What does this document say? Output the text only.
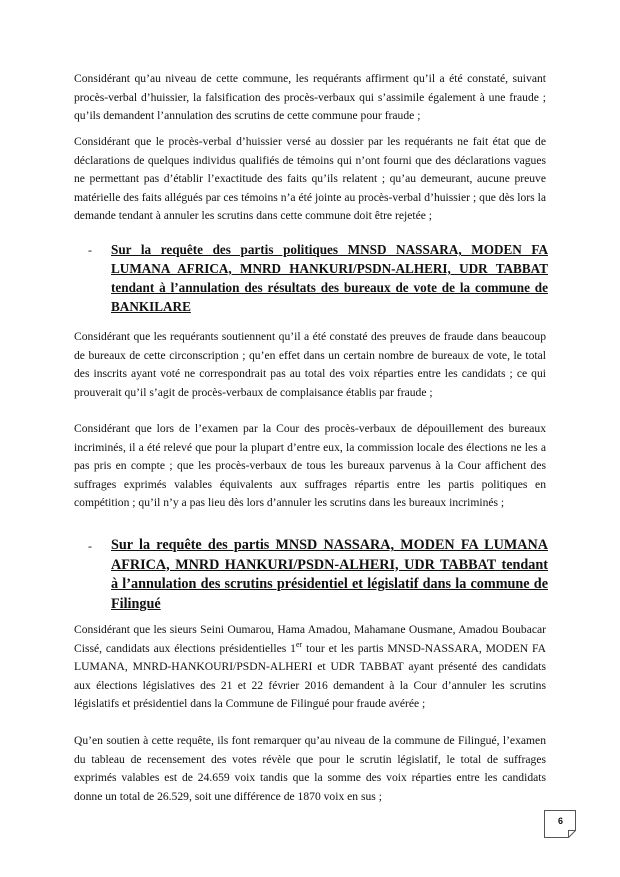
Considérant qu’au niveau de cette commune, les requérants affirment qu’il a été constaté, suivant procès-verbal d’huissier, la falsification des procès-verbaux qui s’assimile également à une fraude ; qu’ils demandent l’annulation des scrutins de cette commune pour fraude ;

Considérant que le procès-verbal d’huissier versé au dossier par les requérants ne fait état que de déclarations de quelques individus qualifiés de témoins qui n’ont fourni que des déclarations vagues ne permettant pas d’établir l’exactitude des faits qu’ils relatent ; qu’au demeurant, aucune preuve matérielle des faits allégués par ces témoins n’a été jointe au procès-verbal d’huissier ; que dès lors la demande tendant à annuler les scrutins dans cette commune doit être rejetée ;

- Sur la requête des partis politiques MNSD NASSARA, MODEN FA LUMANA AFRICA, MNRD HANKURI/PSDN-ALHERI, UDR TABBAT tendant à l’annulation des résultats des bureaux de vote de la commune de BANKILARE

Considérant que les requérants soutiennent qu’il a été constaté des preuves de fraude dans beaucoup de bureaux de cette circonscription ; qu’en effet dans un certain nombre de bureaux de vote, le total des inscrits ayant voté ne correspondrait pas au total des voix réparties entre les candidats ; ce qui prouverait qu’il s’agit de procès-verbaux de complaisance établis par fraude ;

Considérant que lors de l’examen par la Cour des procès-verbaux de dépouillement des bureaux incriminés, il a été relevé que pour la plupart d’entre eux, la commission locale des élections ne les a pas pris en compte ; que les procès-verbaux de tous les bureaux parvenus à la Cour affichent des suffrages exprimés valables équivalents aux suffrages répartis entre les partis politiques en compétition ; qu’il n’y a pas lieu dès lors d’annuler les scrutins dans les bureaux incriminés ;

- Sur la requête des partis MNSD NASSARA, MODEN FA LUMANA AFRICA, MNRD HANKURI/PSDN-ALHERI, UDR TABBAT tendant à l’annulation des scrutins présidentiel et législatif dans la commune de Filingué

Considérant que les sieurs Seini Oumarou, Hama Amadou, Mahamane Ousmane, Amadou Boubacar Cissé, candidats aux élections présidentielles 1er tour et les partis MNSD-NASSARA, MODEN FA LUMANA, MNRD-HANKOURI/PSDN-ALHERI et UDR TABBAT ayant présenté des candidats aux élections législatives des 21 et 22 février 2016 demandent à la Cour d’annuler les scrutins législatifs et présidentiel dans la Commune de Filingué pour fraude avérée ;

Qu’en soutien à cette requête, ils font remarquer qu’au niveau de la commune de Filingué, l’examen du tableau de recensement des votes révèle que pour le scrutin législatif, le total de suffrages exprimés valables est de 24.659 voix tandis que la somme des voix réparties entre les candidats donne un total de 26.529, soit une différence de 1870 voix en sus ;

6
